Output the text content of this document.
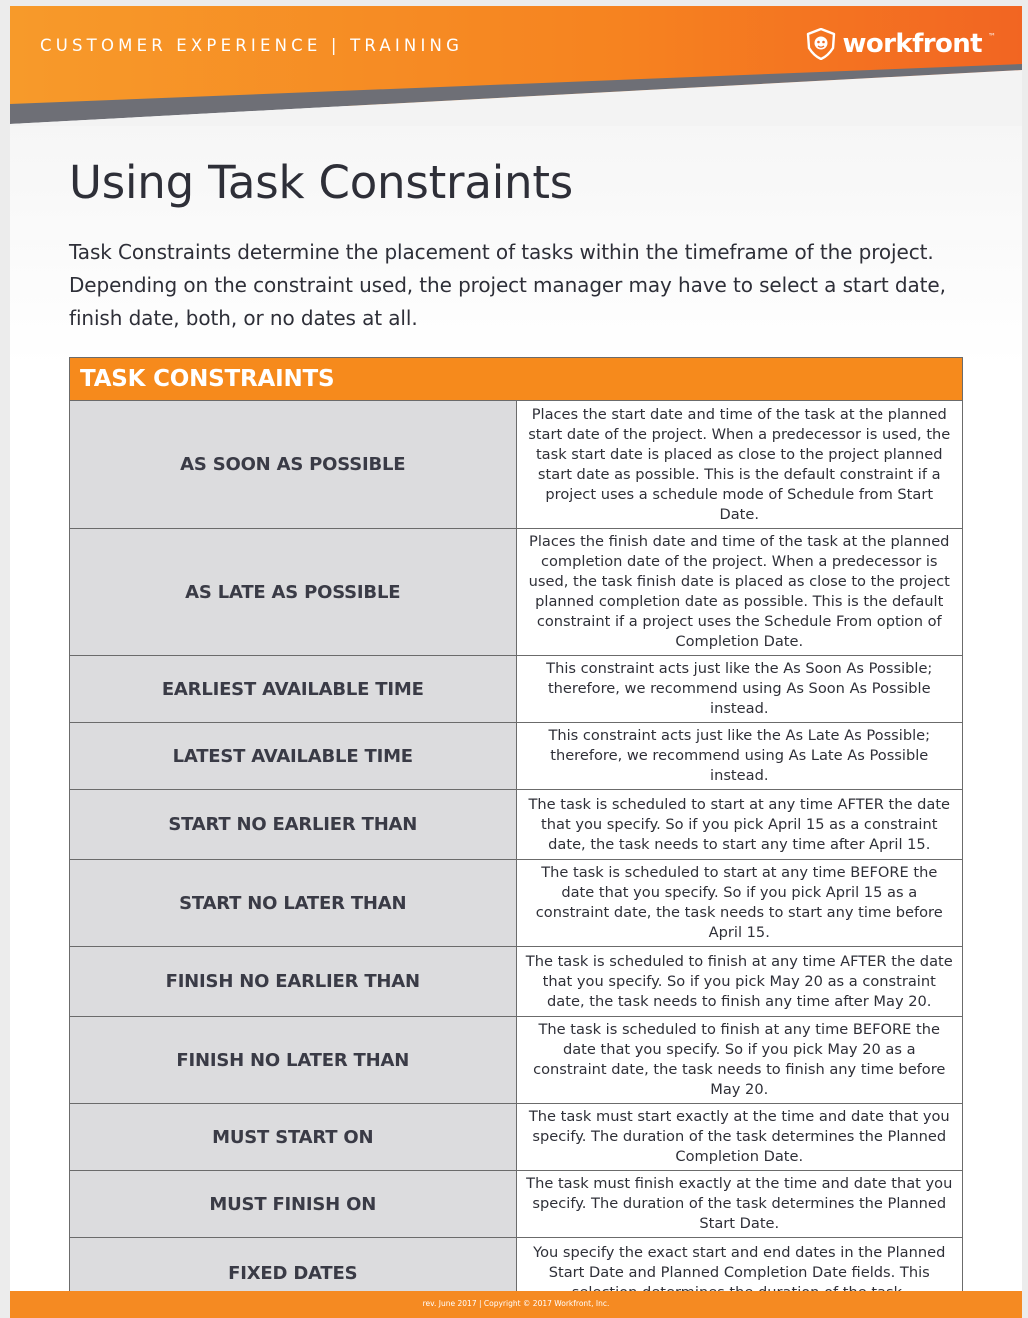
CUSTOMER EXPERIENCE | TRAINING	workfront ™
Using Task Constraints

Task Constraints determine the placement of tasks within the timeframe of the project. Depending on the constraint used, the project manager may have to select a start date, finish date, both, or no dates at all.

TASK CONSTRAINTS	
AS SOON AS POSSIBLE	Places the start date and time of the task at the planned start date of the project. When a predecessor is used, the task start date is placed as close to the project planned start date as possible. This is the default constraint if a project uses a schedule mode of Schedule from Start Date.
AS LATE AS POSSIBLE	Places the finish date and time of the task at the planned completion date of the project. When a predecessor is used, the task finish date is placed as close to the project planned completion date as possible. This is the default constraint if a project uses the Schedule From option of Completion Date.
EARLIEST AVAILABLE TIME	This constraint acts just like the As Soon As Possible; therefore, we recommend using As Soon As Possible instead.
LATEST AVAILABLE TIME	This constraint acts just like the As Late As Possible; therefore, we recommend using As Late As Possible instead.
START NO EARLIER THAN	The task is scheduled to start at any time AFTER the date that you specify. So if you pick April 15 as a constraint date, the task needs to start any time after April 15.
START NO LATER THAN	The task is scheduled to start at any time BEFORE the date that you specify. So if you pick April 15 as a constraint date, the task needs to start any time before April 15.
FINISH NO EARLIER THAN	The task is scheduled to finish at any time AFTER the date that you specify. So if you pick May 20 as a constraint date, the task needs to finish any time after May 20.
FINISH NO LATER THAN	The task is scheduled to finish at any time BEFORE the date that you specify. So if you pick May 20 as a constraint date, the task needs to finish any time before May 20.
MUST START ON	The task must start exactly at the time and date that you specify. The duration of the task determines the Planned Completion Date.
MUST FINISH ON	The task must finish exactly at the time and date that you specify. The duration of the task determines the Planned Start Date.
FIXED DATES	You specify the exact start and end dates in the Planned Start Date and Planned Completion Date fields. This
rev. June 2017 | Copyright © 2017 Workfront, Inc.
